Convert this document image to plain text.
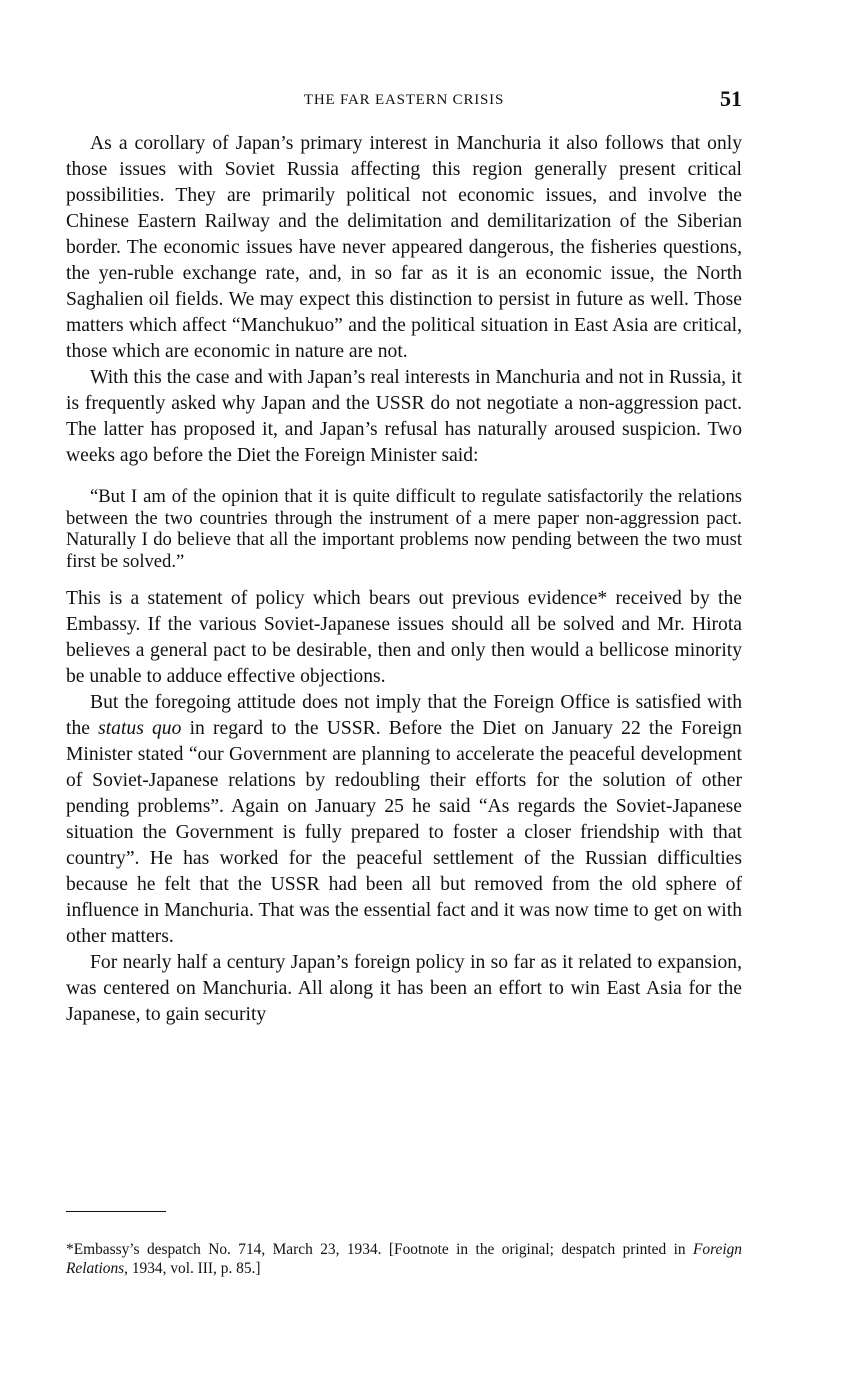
THE FAR EASTERN CRISIS	51

As a corollary of Japan’s primary interest in Manchuria it also follows that only those issues with Soviet Russia affecting this region generally present critical possibilities. They are primarily political not economic issues, and involve the Chinese Eastern Railway and the delimitation and demilitarization of the Siberian border. The economic issues have never appeared dangerous, the fisheries questions, the yen-ruble exchange rate, and, in so far as it is an economic issue, the North Saghalien oil fields. We may expect this distinction to persist in future as well. Those matters which affect “Manchukuo” and the political situation in East Asia are critical, those which are economic in nature are not.

With this the case and with Japan’s real interests in Manchuria and not in Russia, it is frequently asked why Japan and the USSR do not negotiate a non-aggression pact. The latter has proposed it, and Japan’s refusal has naturally aroused suspicion. Two weeks ago before the Diet the Foreign Minister said:

“But I am of the opinion that it is quite difficult to regulate satisfactorily the relations between the two countries through the instrument of a mere paper non-aggression pact. Naturally I do believe that all the important problems now pending between the two must first be solved.”

This is a statement of policy which bears out previous evidence* received by the Embassy. If the various Soviet-Japanese issues should all be solved and Mr. Hirota believes a general pact to be desirable, then and only then would a bellicose minority be unable to adduce effective objections.

But the foregoing attitude does not imply that the Foreign Office is satisfied with the status quo in regard to the USSR. Before the Diet on January 22 the Foreign Minister stated “our Government are planning to accelerate the peaceful development of Soviet-Japanese relations by redoubling their efforts for the solution of other pending problems”. Again on January 25 he said “As regards the Soviet-Japanese situation the Government is fully prepared to foster a closer friendship with that country”. He has worked for the peaceful settlement of the Russian difficulties because he felt that the USSR had been all but removed from the old sphere of influence in Manchuria. That was the essential fact and it was now time to get on with other matters.

For nearly half a century Japan’s foreign policy in so far as it related to expansion, was centered on Manchuria. All along it has been an effort to win East Asia for the Japanese, to gain security

*Embassy’s despatch No. 714, March 23, 1934. [Footnote in the original; despatch printed in Foreign Relations, 1934, vol. III, p. 85.]
